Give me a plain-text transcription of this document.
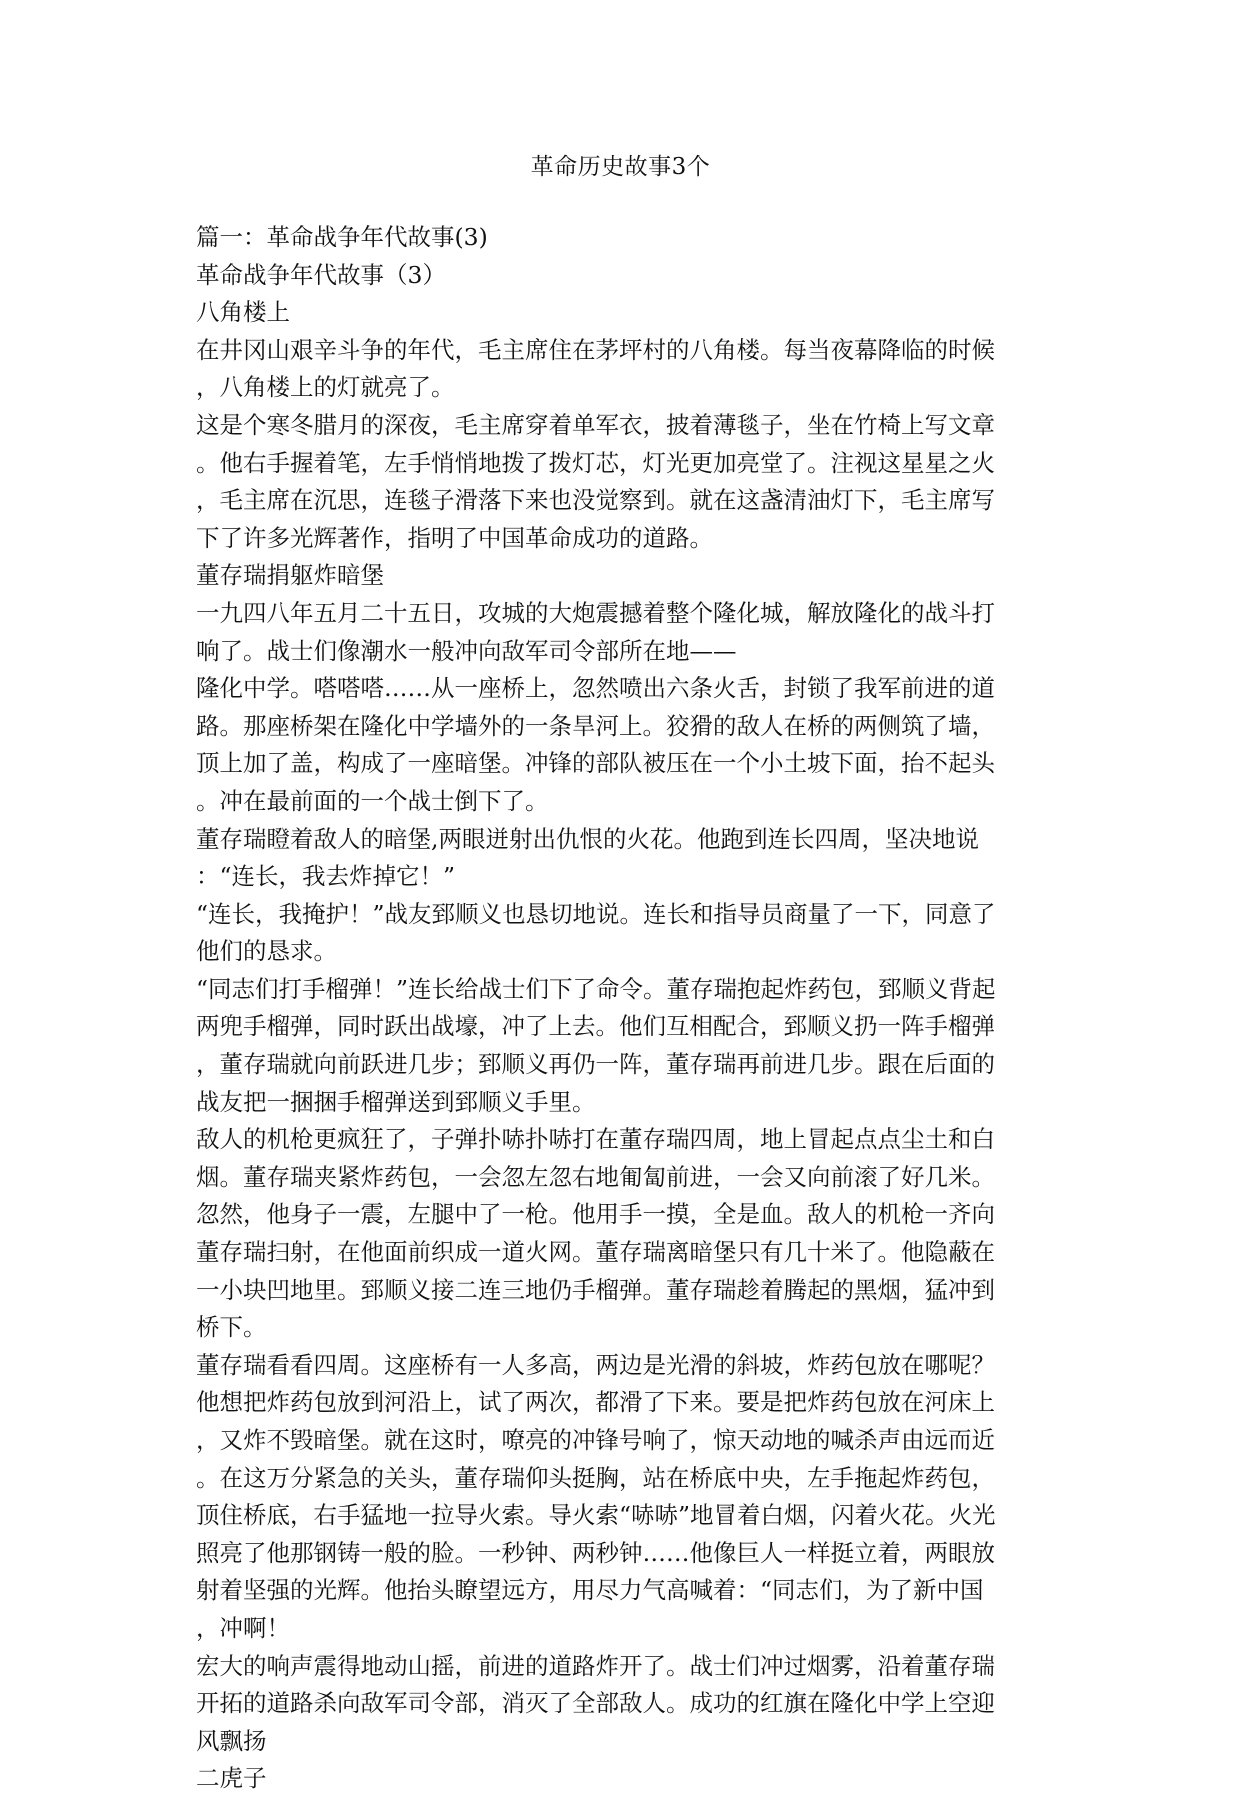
革命历史故事3个
篇一：革命战争年代故事(3)
革命战争年代故事（3）
八角楼上
在井冈山艰辛斗争的年代，毛主席住在茅坪村的八角楼。每当夜幕降临的时候
，八角楼上的灯就亮了。
这是个寒冬腊月的深夜，毛主席穿着单军衣，披着薄毯子，坐在竹椅上写文章
。他右手握着笔，左手悄悄地拨了拨灯芯，灯光更加亮堂了。注视这星星之火
，毛主席在沉思，连毯子滑落下来也没觉察到。就在这盏清油灯下，毛主席写
下了许多光辉著作，指明了中国革命成功的道路。
董存瑞捐躯炸暗堡
一九四八年五月二十五日，攻城的大炮震撼着整个隆化城，解放隆化的战斗打
响了。战士们像潮水一般冲向敌军司令部所在地——
隆化中学。嗒嗒嗒……从一座桥上，忽然喷出六条火舌，封锁了我军前进的道
路。那座桥架在隆化中学墙外的一条旱河上。狡猾的敌人在桥的两侧筑了墙，
顶上加了盖，构成了一座暗堡。冲锋的部队被压在一个小土坡下面，抬不起头
。冲在最前面的一个战士倒下了。
董存瑞瞪着敌人的暗堡,两眼迸射出仇恨的火花。他跑到连长四周，坚决地说
：“连长，我去炸掉它！”
“连长，我掩护！”战友郅顺义也恳切地说。连长和指导员商量了一下，同意了
他们的恳求。
“同志们打手榴弹！”连长给战士们下了命令。董存瑞抱起炸药包，郅顺义背起
两兜手榴弹，同时跃出战壕，冲了上去。他们互相配合，郅顺义扔一阵手榴弹
，董存瑞就向前跃进几步；郅顺义再仍一阵，董存瑞再前进几步。跟在后面的
战友把一捆捆手榴弹送到郅顺义手里。
敌人的机枪更疯狂了，子弹扑哧扑哧打在董存瑞四周，地上冒起点点尘土和白
烟。董存瑞夹紧炸药包，一会忽左忽右地匍匐前进，一会又向前滚了好几米。
忽然，他身子一震，左腿中了一枪。他用手一摸，全是血。敌人的机枪一齐向
董存瑞扫射，在他面前织成一道火网。董存瑞离暗堡只有几十米了。他隐蔽在
一小块凹地里。郅顺义接二连三地仍手榴弹。董存瑞趁着腾起的黑烟，猛冲到
桥下。
董存瑞看看四周。这座桥有一人多高，两边是光滑的斜坡，炸药包放在哪呢？
他想把炸药包放到河沿上，试了两次，都滑了下来。要是把炸药包放在河床上
，又炸不毁暗堡。就在这时，嘹亮的冲锋号响了，惊天动地的喊杀声由远而近
。在这万分紧急的关头，董存瑞仰头挺胸，站在桥底中央，左手拖起炸药包，
顶住桥底，右手猛地一拉导火索。导火索“哧哧”地冒着白烟，闪着火花。火光
照亮了他那钢铸一般的脸。一秒钟、两秒钟……他像巨人一样挺立着，两眼放
射着坚强的光辉。他抬头瞭望远方，用尽力气高喊着：“同志们，为了新中国
，冲啊！
宏大的响声震得地动山摇，前进的道路炸开了。战士们冲过烟雾，沿着董存瑞
开拓的道路杀向敌军司令部，消灭了全部敌人。成功的红旗在隆化中学上空迎
风飘扬
二虎子
